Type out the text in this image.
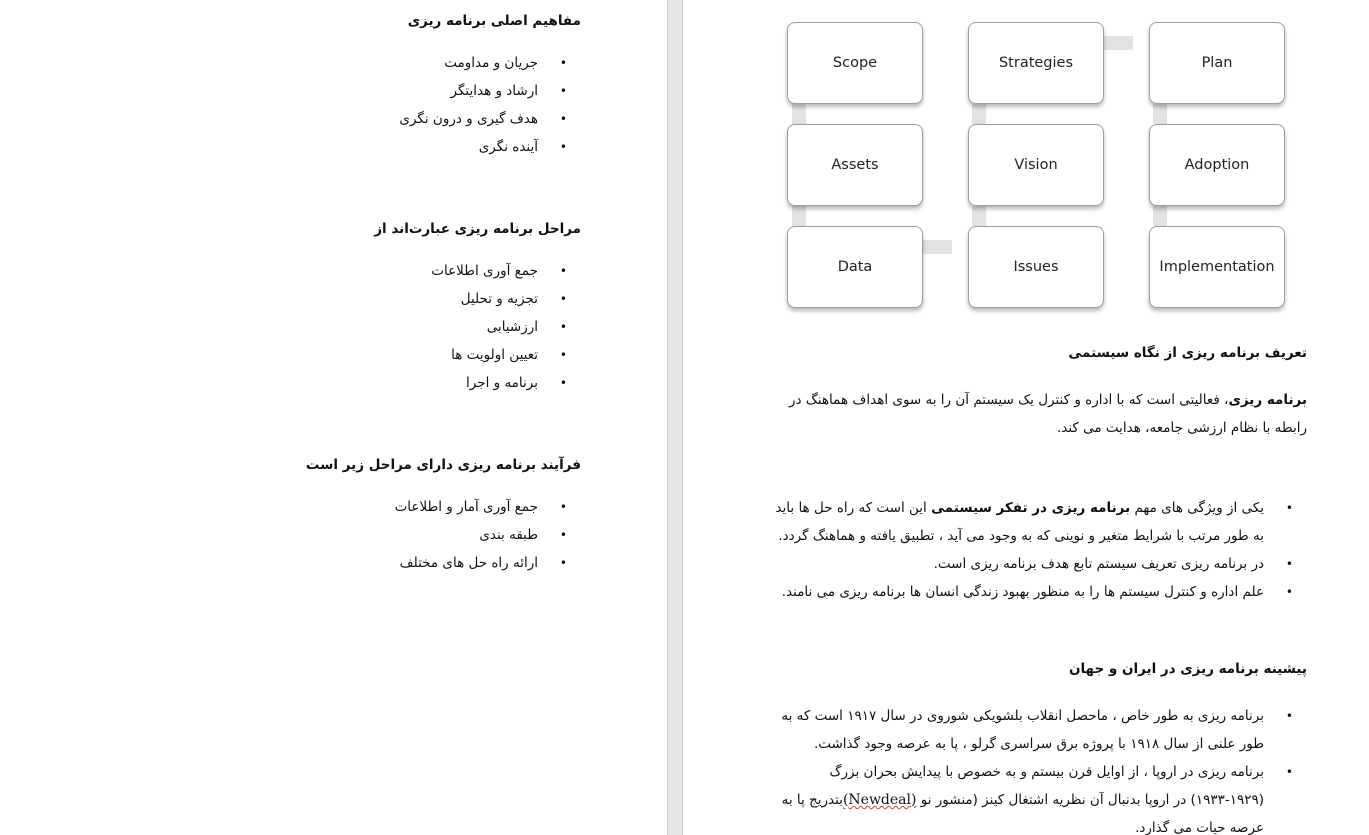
مفاهیم اصلی برنامه ریزی

• جریان و مداومت
• ارشاد و هدایتگر
• هدف گیری و درون نگری
• آینده نگری

مراحل برنامه ریزی عبارت‌اند از

• جمع آوری اطلاعات
• تجزیه و تحلیل
• ارزشیابی
• تعیین اولویت ها
• برنامه و اجرا

فرآیند برنامه ریزی دارای مراحل زیر است

• جمع آوری آمار و اطلاعات
• طبقه بندی
• ارائه راه حل های مختلف
Scope	Strategies	Plan
Assets	Vision	Adoption
Data	Issues	Implementation
تعریف برنامه ریزی از نگاه سیستمی
برنامه ریزی، فعالیتی است که با اداره و کنترل یک سیستم آن را به سوی اهداف هماهنگ در رابطه با نظام ارزشی جامعه، هدایت می کند.
• یکی از ویژگی های مهم برنامه ریزی در تفکر سیستمی این است که راه حل ها باید به طور مرتب با شرایط متغیر و نوینی که به وجود می آید ، تطبیق یافته و هماهنگ گردد.
• در برنامه ریزی تعریف سیستم تابع هدف برنامه ریزی است.
• علم اداره و کنترل سیستم ها را به منظور بهبود زندگی انسان ها برنامه ریزی می نامند.
پیشینه برنامه ریزی در ایران و جهان
• برنامه ریزی به طور خاص ، ماحصل انقلاب بلشویکی شوروی در سال ۱۹۱۷ است که به طور علنی از سال ۱۹۱۸ با پروژه برق سراسری گرلو ، پا به عرصه وجود گذاشت.
• برنامه ریزی در اروپا ، از اوایل قرن بیستم و به خصوص با پیدایش بحران بزرگ (۱۹۲۹-۱۹۳۳) در اروپا بدنبال آن نظریه اشتغال کینز (منشور نو (Newdeal)بتدریج پا به عرصه حیات می گذارد.
